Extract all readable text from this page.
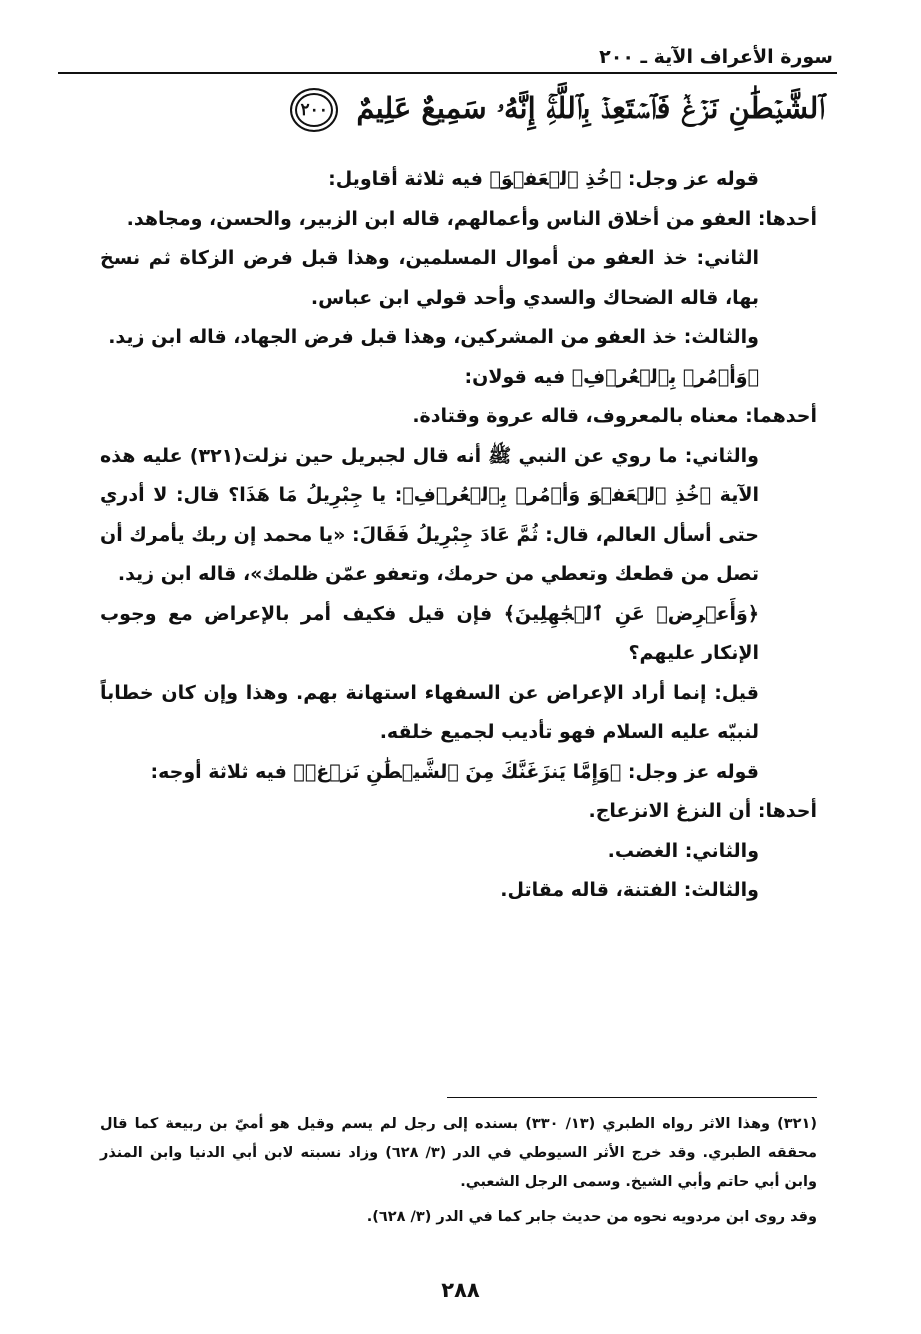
سورة الأعراف الآية ـ ٢٠٠
ٱلشَّيۡطَٰنِ نَزۡغٞ فَٱسۡتَعِذۡ بِٱللَّهِۚ إِنَّهُۥ سَمِيعٌ عَلِيمٌ ٢٠٠

قوله عز وجل: ﴿خُذِ ٱلۡعَفۡوَ﴾ فيه ثلاثة أقاويل:

أحدها: العفو من أخلاق الناس وأعمالهم، قاله ابن الزبير، والحسن، ومجاهد.

الثاني: خذ العفو من أموال المسلمين، وهذا قبل فرض الزكاة ثم نسخ بها، قاله الضحاك والسدي وأحد قولي ابن عباس.

والثالث: خذ العفو من المشركين، وهذا قبل فرض الجهاد، قاله ابن زيد.

﴿وَأۡمُرۡ بِٱلۡعُرۡفِ﴾ فيه قولان:

أحدهما: معناه بالمعروف، قاله عروة وقتادة.

والثاني: ما روي عن النبي ﷺ أنه قال لجبريل حين نزلت(٣٢١) عليه هذه الآية ﴿خُذِ ٱلۡعَفۡوَ وَأۡمُرۡ بِٱلۡعُرۡفِ﴾: يا جِبْرِيلُ مَا هَذَا؟ قال: لا أدري حتى أسأل العالم، قال: ثُمَّ عَادَ جِبْرِيلُ فَقَالَ: «يا محمد إن ربك يأمرك أن تصل من قطعك وتعطي من حرمك، وتعفو عمّن ظلمك»، قاله ابن زيد.

﴿وَأَعۡرِضۡ عَنِ ٱلۡجَٰهِلِينَ﴾ فإن قيل فكيف أمر بالإعراض مع وجوب الإنكار عليهم؟

قيل: إنما أراد الإعراض عن السفهاء استهانة بهم. وهذا وإن كان خطاباً لنبيّه عليه السلام فهو تأديب لجميع خلقه.

قوله عز وجل: ﴿وَإِمَّا يَنزَغَنَّكَ مِنَ ٱلشَّيۡطَٰنِ نَزۡغٞ﴾ فيه ثلاثة أوجه:

أحدها: أن النزغ الانزعاج.

والثاني: الغضب.

والثالث: الفتنة، قاله مقاتل.

(٣٢١) وهذا الاثر رواه الطبري (١٣/ ٣٣٠) بسنده إلى رجل لم يسم وقيل هو أميّ بن ربيعة كما قال محققه الطبري. وقد خرج الأثر السيوطي في الدر (٣/ ٦٢٨) وزاد نسبته لابن أبي الدنيا وابن المنذر وابن أبي حاتم وأبي الشيخ. وسمى الرجل الشعبي.

وقد روى ابن مردويه نحوه من حديث جابر كما في الدر (٣/ ٦٢٨).

٢٨٨
